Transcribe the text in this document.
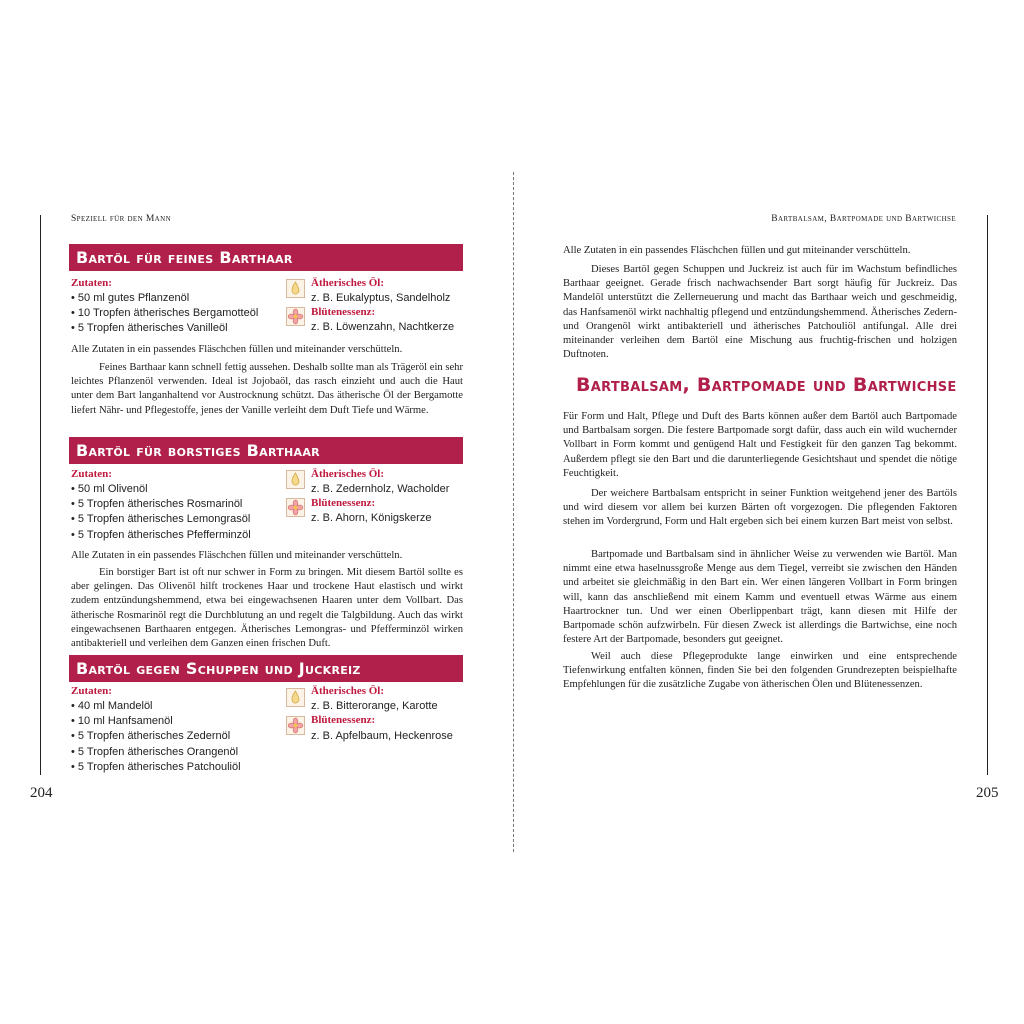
Speziell für den Mann
204
Bartöl für feines Barthaar
Zutaten:
• 50 ml gutes Pflanzenöl
• 10 Tropfen ätherisches Bergamotteöl
• 5 Tropfen ätherisches Vanilleöl
Ätherisches Öl:
z. B. Eukalyptus, Sandelholz
Blütenessenz:
z. B. Löwenzahn, Nachtkerze

Alle Zutaten in ein passendes Fläschchen füllen und miteinander verschütteln.

Feines Barthaar kann schnell fettig aussehen. Deshalb sollte man als Trägeröl ein sehr leichtes Pflanzenöl verwenden. Ideal ist Jojobaöl, das rasch einzieht und auch die Haut unter dem Bart langanhaltend vor Austrocknung schützt. Das ätherische Öl der Bergamotte liefert Nähr- und Pflegestoffe, jenes der Vanille verleiht dem Duft Tiefe und Wärme.

Bartöl für borstiges Barthaar
Zutaten:
• 50 ml Olivenöl
• 5 Tropfen ätherisches Rosmarinöl
• 5 Tropfen ätherisches Lemongrasöl
• 5 Tropfen ätherisches Pfefferminzöl
Ätherisches Öl:
z. B. Zedernholz, Wacholder
Blütenessenz:
z. B. Ahorn, Königskerze

Alle Zutaten in ein passendes Fläschchen füllen und miteinander verschütteln.

Ein borstiger Bart ist oft nur schwer in Form zu bringen. Mit diesem Bartöl sollte es aber gelingen. Das Olivenöl hilft trockenes Haar und trockene Haut elastisch und wirkt zudem entzündungshemmend, etwa bei eingewachsenen Haaren unter dem Vollbart. Das ätherische Rosmarinöl regt die Durchblutung an und regelt die Talgbildung. Auch das wirkt eingewachsenen Barthaaren entgegen. Ätherisches Lemongras- und Pfefferminzöl wirken antibakteriell und verleihen dem Ganzen einen frischen Duft.

Bartöl gegen Schuppen und Juckreiz
Zutaten:
• 40 ml Mandelöl
• 10 ml Hanfsamenöl
• 5 Tropfen ätherisches Zedernöl
• 5 Tropfen ätherisches Orangenöl
• 5 Tropfen ätherisches Patchouliöl
Ätherisches Öl:
z. B. Bitterorange, Karotte
Blütenessenz:
z. B. Apfelbaum, Heckenrose
Bartbalsam, Bartpomade und Bartwichse
205

Alle Zutaten in ein passendes Fläschchen füllen und gut miteinander verschütteln.

Dieses Bartöl gegen Schuppen und Juckreiz ist auch für im Wachstum befindliches Barthaar geeignet. Gerade frisch nachwachsender Bart sorgt häufig für Juckreiz. Das Mandelöl unterstützt die Zellerneuerung und macht das Barthaar weich und geschmeidig, das Hanfsamenöl wirkt nachhaltig pflegend und entzündungshemmend. Ätherisches Zedern- und Orangenöl wirkt antibakteriell und ätherisches Patchouliöl antifungal. Alle drei miteinander verleihen dem Bartöl eine Mischung aus fruchtig-frischen und holzigen Duftnoten.

Bartbalsam, Bartpomade und Bartwichse

Für Form und Halt, Pflege und Duft des Barts können außer dem Bartöl auch Bartpomade und Bartbalsam sorgen. Die festere Bartpomade sorgt dafür, dass auch ein wild wuchernder Vollbart in Form kommt und genügend Halt und Festigkeit für den ganzen Tag bekommt. Außerdem pflegt sie den Bart und die darunterliegende Gesichtshaut und spendet die nötige Feuchtigkeit.

Der weichere Bartbalsam entspricht in seiner Funktion weitgehend jener des Bartöls und wird diesem vor allem bei kurzen Bärten oft vorgezogen. Die pflegenden Faktoren stehen im Vordergrund, Form und Halt ergeben sich bei einem kurzen Bart meist von selbst.

Bartpomade und Bartbalsam sind in ähnlicher Weise zu verwenden wie Bartöl. Man nimmt eine etwa haselnussgroße Menge aus dem Tiegel, verreibt sie zwischen den Händen und arbeitet sie gleichmäßig in den Bart ein. Wer einen längeren Vollbart in Form bringen will, kann das anschließend mit einem Kamm und eventuell etwas Wärme aus einem Haartrockner tun. Und wer einen Oberlippenbart trägt, kann diesen mit Hilfe der Bartpomade schön aufzwirbeln. Für diesen Zweck ist allerdings die Bartwichse, eine noch festere Art der Bartpomade, besonders gut geeignet.

Weil auch diese Pflegeprodukte lange einwirken und eine entsprechende Tiefenwirkung entfalten können, finden Sie bei den folgenden Grundrezepten beispielhafte Empfehlungen für die zusätzliche Zugabe von ätherischen Ölen und Blütenessenzen.
